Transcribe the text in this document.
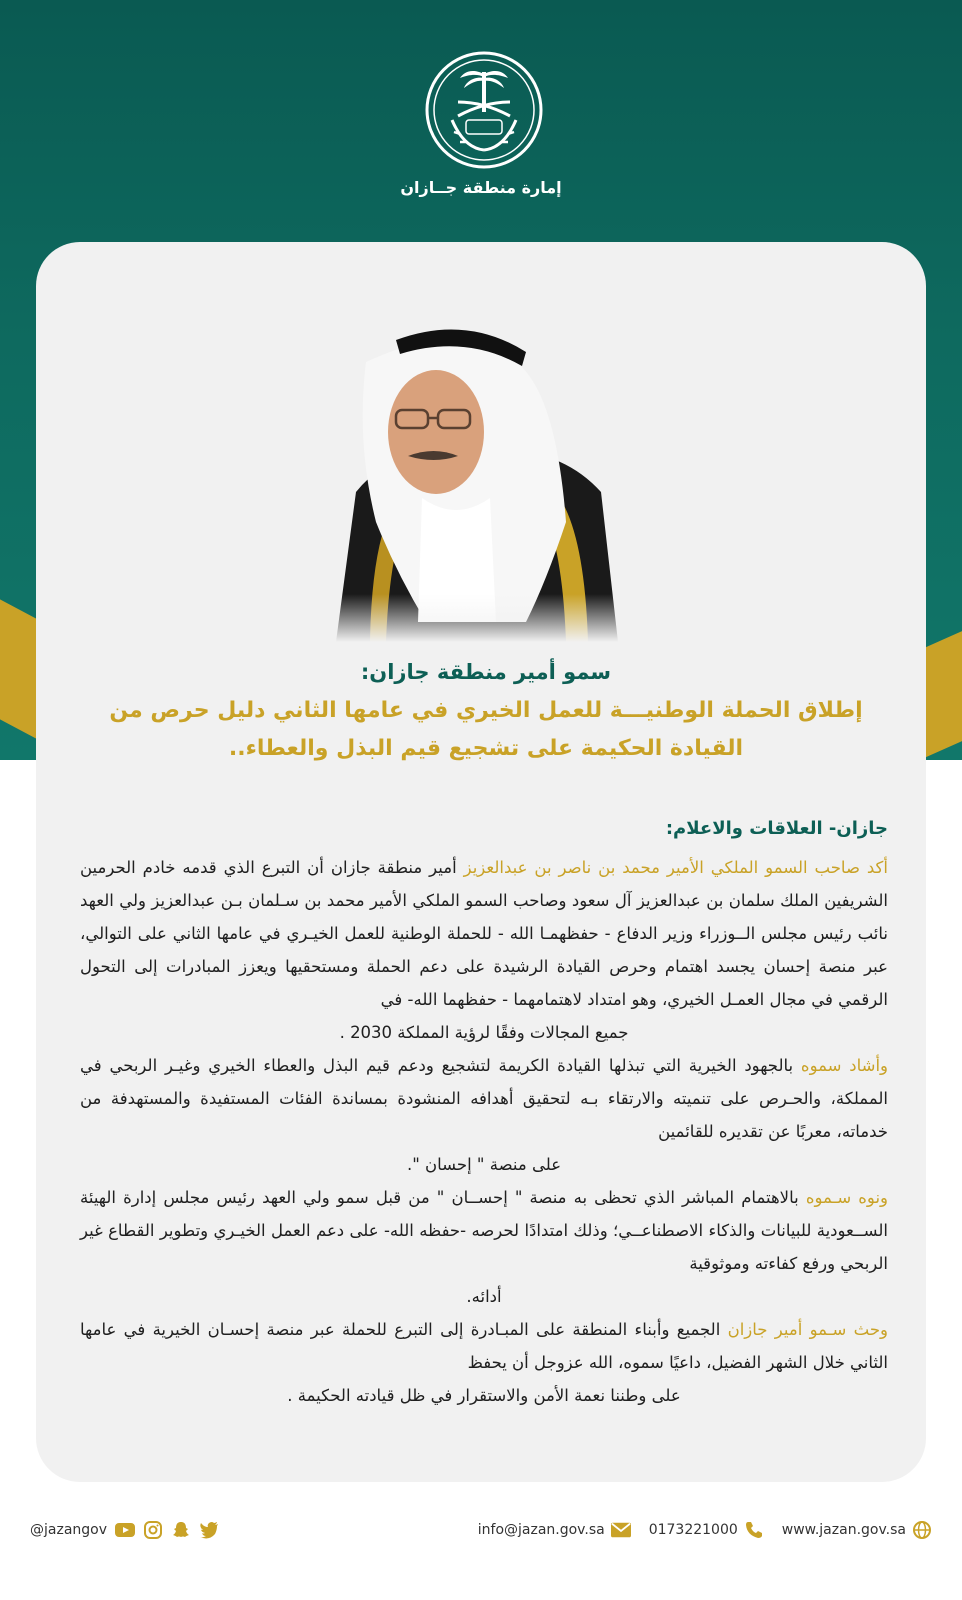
إمارة منطقة جــازان
سمو أمير منطقة جازان:
إطلاق الحملة الوطنيـــة للعمل الخيري في عامها الثاني دليل حرص من
القيادة الحكيمة على تشجيع قيم البذل والعطاء..
جازان- العلاقات والاعلام:

أكد صاحب السمو الملكي الأمير محمد بن ناصر بن عبدالعزيز أمير منطقة جازان أن التبرع الذي قدمه خادم الحرمين الشريفين الملك سلمان بن عبدالعزيز آل سعود وصاحب السمو الملكي الأمير محمد بن سـلمان بـن عبدالعزيز ولي العهد نائب رئيس مجلس الــوزراء وزير الدفاع - حفظهمـا الله - للحملة الوطنية للعمل الخيـري في عامها الثاني على التوالي، عبر منصة إحسان يجسد اهتمام وحرص القيادة الرشيدة على دعم الحملة ومستحقيها ويعزز المبادرات إلى التحول الرقمي في مجال العمـل الخيري، وهو امتداد لاهتمامهما - حفظهما الله- في

جميع المجالات وفقًا لرؤية المملكة 2030 .

وأشاد سموه بالجهود الخيرية التي تبذلها القيادة الكريمة لتشجيع ودعم قيم البذل والعطاء الخيري وغيـر الربحي في المملكة، والحـرص على تنميته والارتقاء بـه لتحقيق أهدافه المنشودة بمساندة الفئات المستفيدة والمستهدفة من خدماته، معربًا عن تقديره للقائمين

على منصة " إحسان ".

ونوه سـموه بالاهتمام المباشر الذي تحظى به منصة " إحســان " من قبل سمو ولي العهد رئيس مجلس إدارة الهيئة الســعودية للبيانات والذكاء الاصطناعــي؛ وذلك امتدادًا لحرصه -حفظه الله- على دعم العمل الخيـري وتطوير القطاع غير الربحي ورفع كفاءته وموثوقية

أدائه.

وحث سـمو أمير جازان الجميع وأبناء المنطقة على المبـادرة إلى التبرع للحملة عبر منصة إحسـان الخيرية في عامها الثاني خلال الشهر الفضيل، داعيًا سموه، الله عزوجل أن يحفظ

على وطننا نعمة الأمن والاستقرار في ظل قيادته الحكيمة .

@jazangov	info@jazan.gov.sa	0173221000	www.jazan.gov.sa
